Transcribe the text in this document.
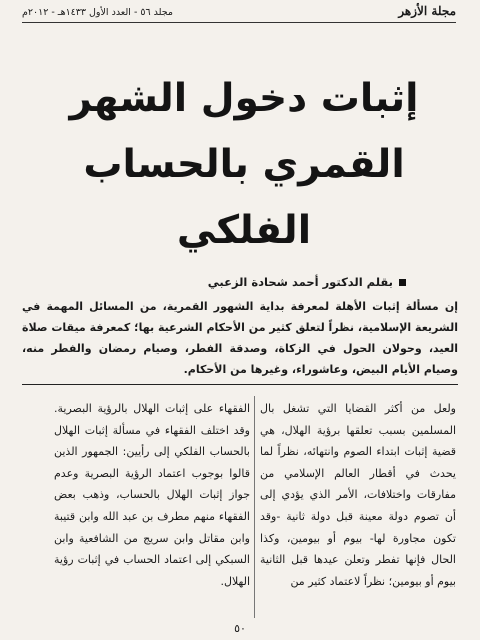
مجلد ٥٦ - العدد الأول ١٤٣٣هـ - ٢٠١٢م	مجلة الأزهر
إثبات دخول الشهر
القمري بالحساب
الفلكي
بقلم الدكتور أحمد شحادة الزعبي
إن مسألة إثبات الأهلة لمعرفة بداية الشهور القمرية، من المسائل المهمة في الشريعة الإسلامية، نظراً لتعلق كثير من الأحكام الشرعية بها؛ كمعرفة ميقات صلاة العيد، وحولان الحول في الزكاة، وصدقة الفطر، وصيام رمضان والفطر منه، وصيام الأيام البيض، وعاشوراء، وغيرها من الأحكام.
ولعل من أكثر القضايا التي تشغل بال المسلمين بسبب تعلقها برؤية الهلال، هي قضية إثبات ابتداء الصوم وانتهائه، نظراً لما يحدث في أقطار العالم الإسلامي من مفارقات واختلافات، الأمر الذي يؤدي إلى أن تصوم دولة معينة قبل دولة ثانية -وقد تكون مجاورة لها- بيوم أو بيومين، وكذا الحال فإنها تفطر وتعلن عيدها قبل الثانية بيوم أو بيومين؛ نظراً لاعتماد كثير من
الفقهاء على إثبات الهلال بالرؤية البصرية. وقد اختلف الفقهاء في مسألة إثبات الهلال بالحساب الفلكي إلى رأيين: الجمهور الذين قالوا بوجوب اعتماد الرؤية البصرية وعدم جواز إثبات الهلال بالحساب، وذهب بعض الفقهاء منهم مطرف بن عبد الله وابن قتيبة وابن مقاتل وابن سريج من الشافعية وابن السبكي إلى اعتماد الحساب في إثبات رؤية الهلال.
٥٠
